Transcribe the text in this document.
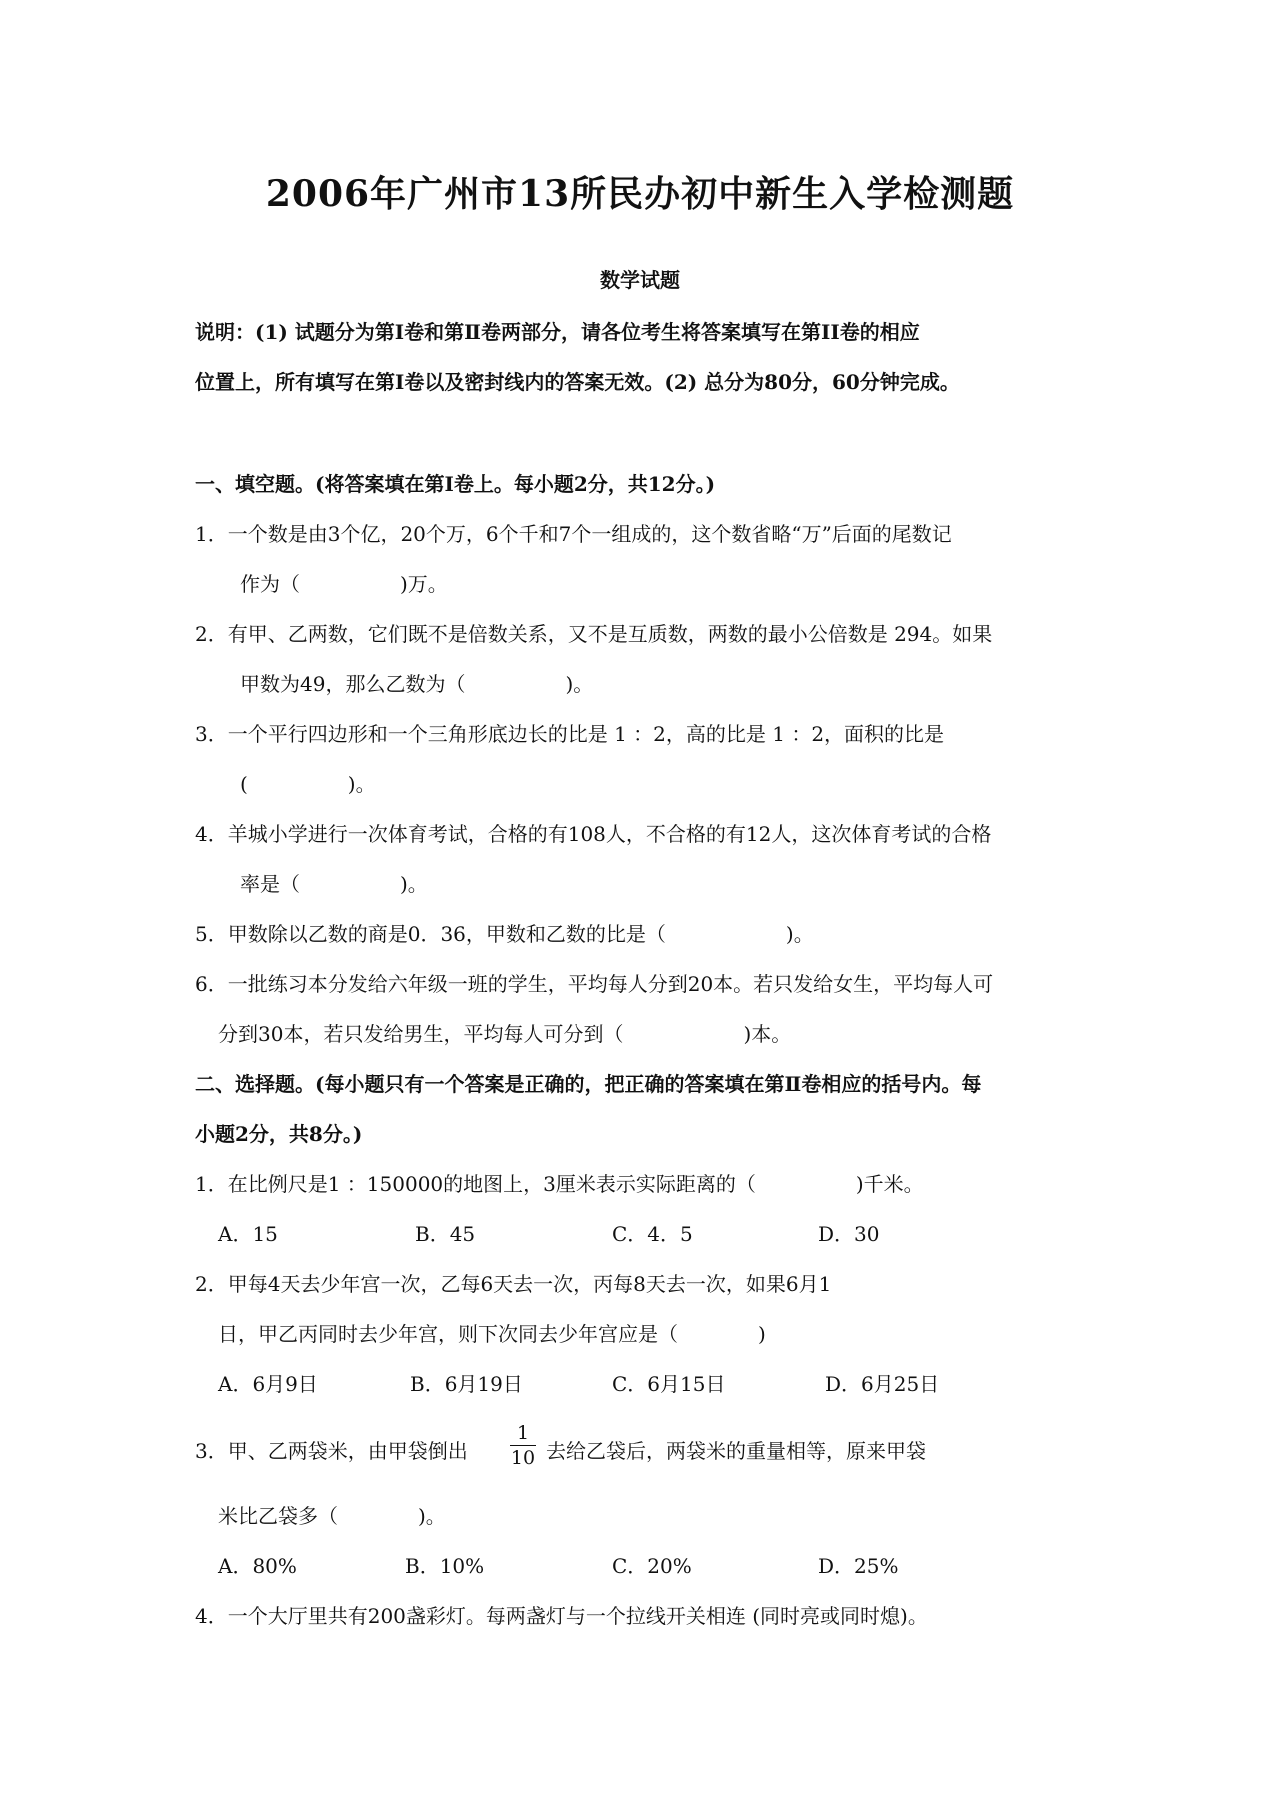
2006年广州市13所民办初中新生入学检测题
数学试题
说明：(1) 试题分为第Ⅰ卷和第Ⅱ卷两部分，请各位考生将答案填写在第II卷的相应
位置上，所有填写在第Ⅰ卷以及密封线内的答案无效。(2) 总分为80分，60分钟完成。
一、填空题。(将答案填在第I卷上。每小题2分，共12分。)
1．一个数是由3个亿，20个万，6个千和7个一组成的，这个数省略“万”后面的尾数记
作为（　　　　　)万。
2．有甲、乙两数，它们既不是倍数关系，又不是互质数，两数的最小公倍数是 294。如果
甲数为49，那么乙数为（　　　　　)。
3．一个平行四边形和一个三角形底边长的比是 1 ：2，高的比是 1 ：2，面积的比是
(　　　　　)。
4．羊城小学进行一次体育考试，合格的有108人，不合格的有12人，这次体育考试的合格
率是（　　　　　)。
5．甲数除以乙数的商是0．36，甲数和乙数的比是（　　　　　　)。
6．一批练习本分发给六年级一班的学生，平均每人分到20本。若只发给女生，平均每人可
分到30本，若只发给男生，平均每人可分到（　　　　　　)本。
二、选择题。(每小题只有一个答案是正确的，把正确的答案填在第Ⅱ卷相应的括号内。每
小题2分，共8分。)
1．在比例尺是1 ：150000的地图上，3厘米表示实际距离的（　　　　　)千米。
A．15	B．45	C．4．5	D．30
2．甲每4天去少年宫一次，乙每6天去一次，丙每8天去一次，如果6月1
日，甲乙丙同时去少年宫，则下次同去少年宫应是（　　　　)
A．6月9日	B．6月19日	C．6月15日	D．6月25日
3．甲、乙两袋米，由甲袋倒出
1
10 去给乙袋后，两袋米的重量相等，原来甲袋
米比乙袋多（　　　　)。
A．80%	B．10%	C．20%	D．25%
4．一个大厅里共有200盏彩灯。每两盏灯与一个拉线开关相连 (同时亮或同时熄)。
